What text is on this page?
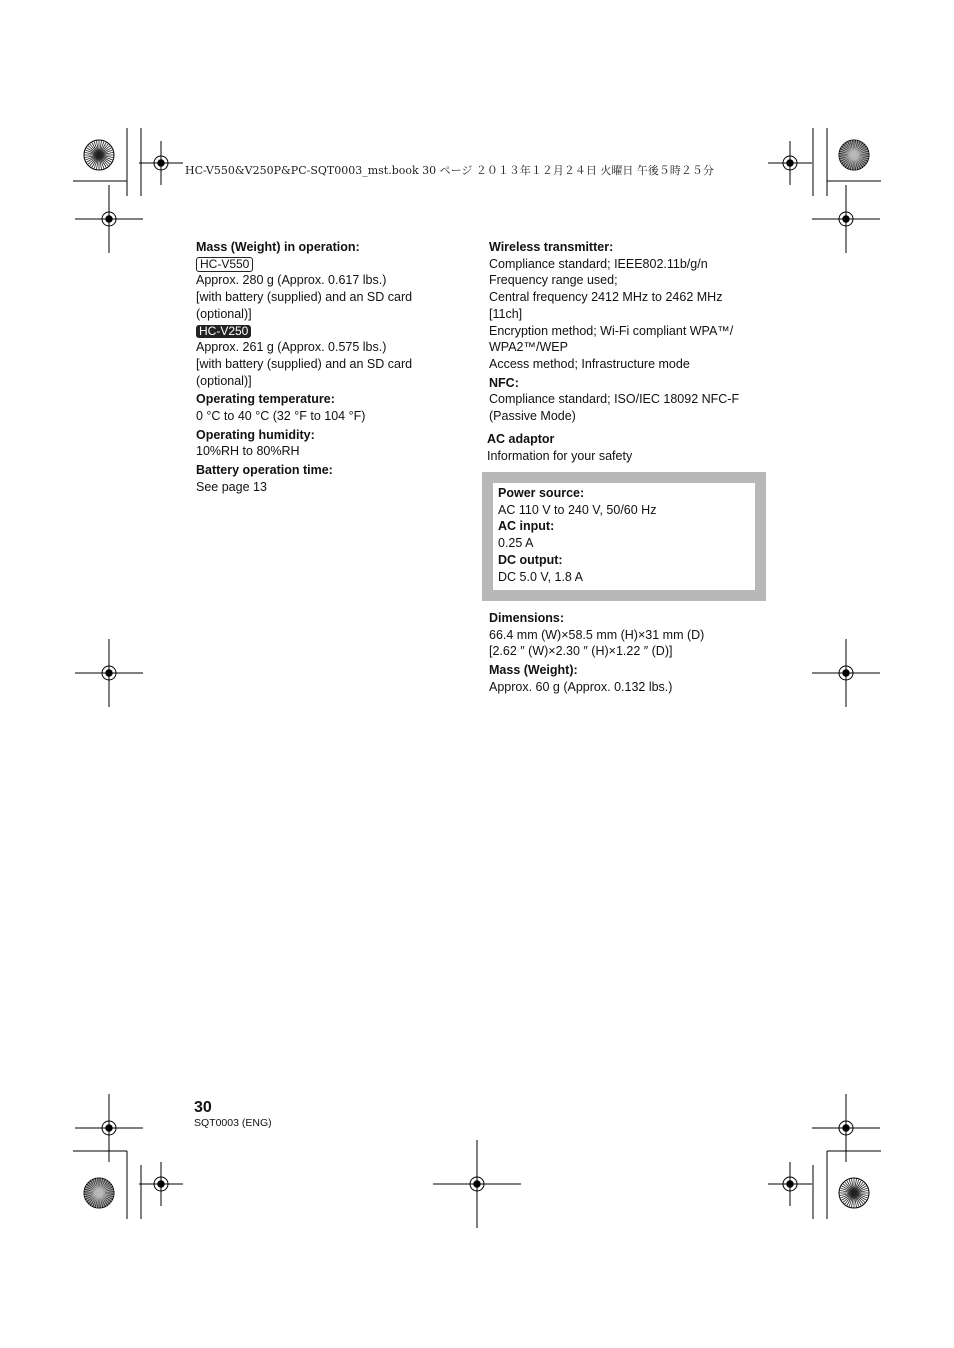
HC-V550&V250P&PC-SQT0003_mst.book 30 ページ ２０１３年１２月２４日 火曜日 午後５時２５分
Mass (Weight) in operation:
HC-V550
Approx. 280 g (Approx. 0.617 lbs.)
[with battery (supplied) and an SD card
(optional)]
HC-V250
Approx. 261 g (Approx. 0.575 lbs.)
[with battery (supplied) and an SD card
(optional)]
Operating temperature:
0 °C to 40 °C (32 °F to 104 °F)
Operating humidity:
10%RH to 80%RH
Battery operation time:
See page 13
Wireless transmitter:
Compliance standard; IEEE802.11b/g/n
Frequency range used;
Central frequency 2412 MHz to 2462 MHz
[11ch]
Encryption method; Wi-Fi compliant WPA™/
WPA2™/WEP
Access method; Infrastructure mode
NFC:
Compliance standard; ISO/IEC 18092 NFC-F
(Passive Mode)
AC adaptor
Information for your safety
Power source:
AC 110 V to 240 V, 50/60 Hz
AC input:
0.25 A
DC output:
DC 5.0 V, 1.8 A
Dimensions:
66.4 mm (W)×58.5 mm (H)×31 mm (D)
[2.62 ″ (W)×2.30 ″ (H)×1.22 ″ (D)]
Mass (Weight):
Approx. 60 g (Approx. 0.132 lbs.)
30
SQT0003 (ENG)
